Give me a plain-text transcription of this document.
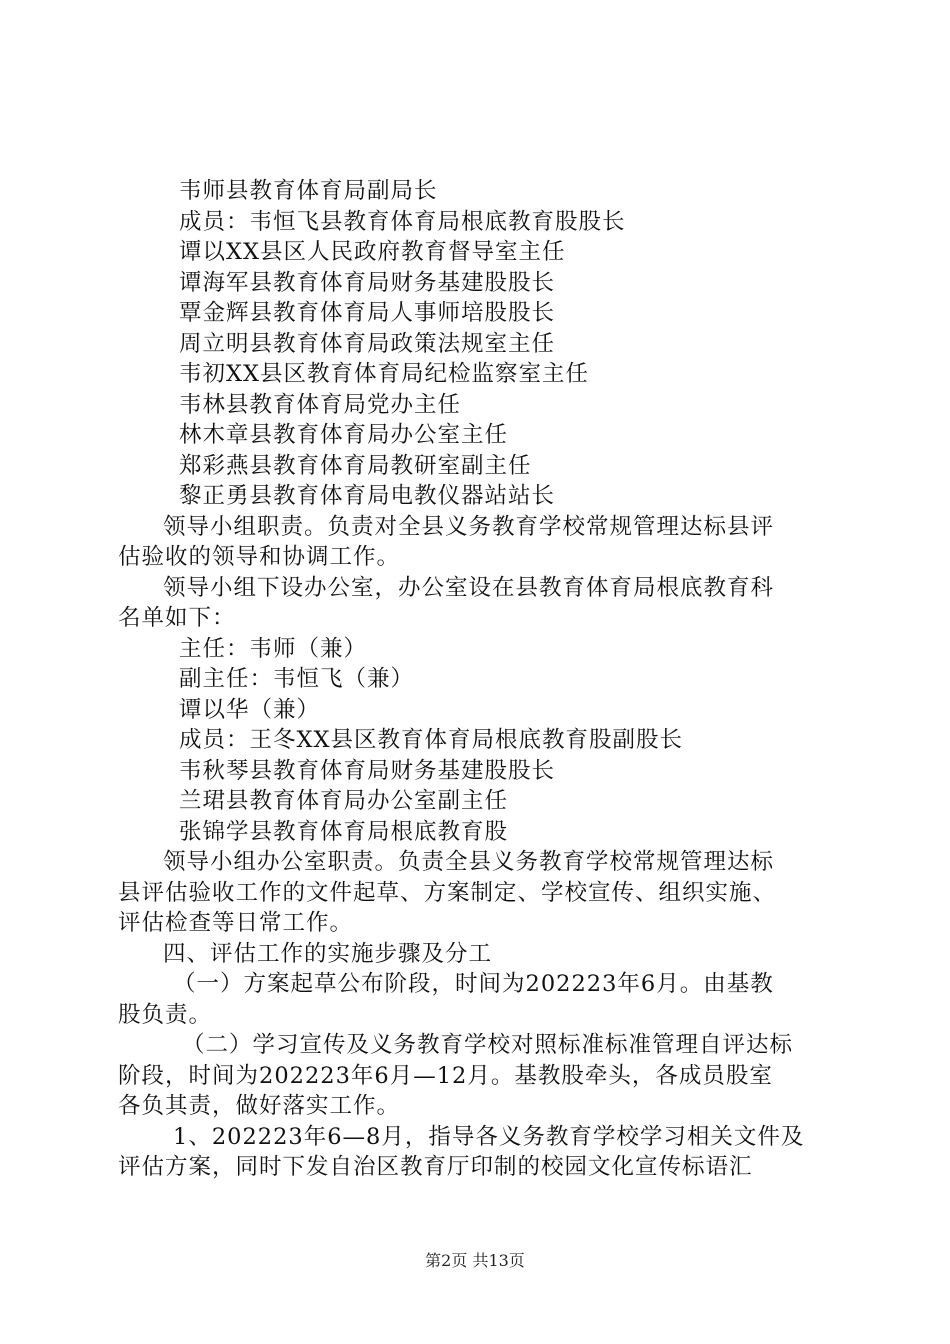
韦师县教育体育局副局长
成员：韦恒飞县教育体育局根底教育股股长
谭以XX县区人民政府教育督导室主任
谭海军县教育体育局财务基建股股长
覃金辉县教育体育局人事师培股股长
周立明县教育体育局政策法规室主任
韦初XX县区教育体育局纪检监察室主任
韦林县教育体育局党办主任
林木章县教育体育局办公室主任
郑彩燕县教育体育局教研室副主任
黎正勇县教育体育局电教仪器站站长
领导小组职责。负责对全县义务教育学校常规管理达标县评
估验收的领导和协调工作。
领导小组下设办公室，办公室设在县教育体育局根底教育科
名单如下：
主任：韦师（兼）
副主任：韦恒飞（兼）
谭以华（兼）
成员：王冬XX县区教育体育局根底教育股副股长
韦秋琴县教育体育局财务基建股股长
兰珺县教育体育局办公室副主任
张锦学县教育体育局根底教育股
领导小组办公室职责。负责全县义务教育学校常规管理达标
县评估验收工作的文件起草、方案制定、学校宣传、组织实施、
评估检查等日常工作。
四、评估工作的实施步骤及分工
（一）方案起草公布阶段，时间为202223年6月。由基教
股负责。
（二）学习宣传及义务教育学校对照标准标准管理自评达标
阶段，时间为202223年6月—12月。基教股牵头，各成员股室
各负其责，做好落实工作。
1、202223年6—8月，指导各义务教育学校学习相关文件及
评估方案，同时下发自治区教育厅印制的校园文化宣传标语汇
第2页 共13页
